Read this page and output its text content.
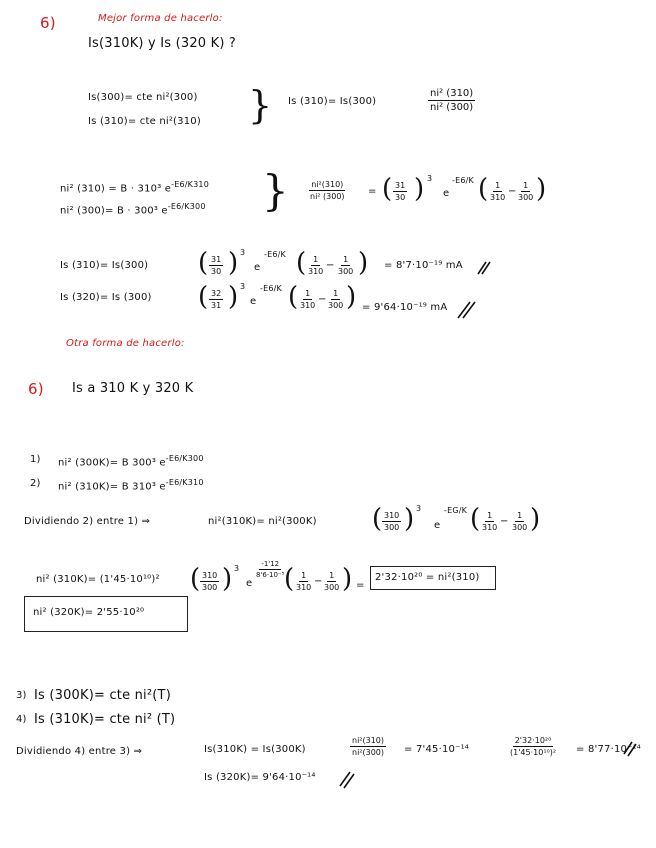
6)	Mejor forma de hacerlo:
Is(310K) y Is (320 K) ?
Is(300)= cte ni²(300)
Is (310)= cte ni²(310) } Is (310)= Is(300)	$\frac{\text{ni² (310)}}{\text{ni² (300)}}$
ni² (310) = B · 310³ $e^{-E6/K310}$
ni² (300)= B · 300³ $e^{-E6/K300}$ } $\frac{\text{ni²(310)}}{\text{ni² (300)}}$ = ( $\frac{31}{30}$ ) 3
e
-E6/K ( $\frac{1}{310} - \frac{1}{300}$ )
Is (310)= Is(300) ( $\frac{31}{30}$ ) 3
e
-E6/K ( $\frac{1}{310} - \frac{1}{300}$ ) = 8'7·10⁻¹⁹ mA
Is (320)= Is (300) ( $\frac{32}{31}$ ) 3
e
-E6/K ( $\frac{1}{310} - \frac{1}{300}$ ) = 9'64·10⁻¹⁹ mA
Otra forma de hacerlo:
6) Is a 310 K y 320 K
1) ni² (300K)= B 300³ $e^{-E6/K300}$
2) ni² (310K)= B 310³ $e^{-E6/K310}$
Dividiendo 2) entre 1) ⇒	ni²(310K)= ni²(300K) ( $\frac{310}{300}$ ) 3
e
-EG/K ( $\frac{1}{310} - \frac{1}{300}$ )
ni² (310K)= (1'45·10¹⁰)² ( $\frac{310}{300}$ ) 3
e
$\frac{-1'12}{\text{8'6·10⁻⁵}}$
( $\frac{1}{310} - \frac{1}{300}$ ) =
2'32·10²⁰ = ni²(310)
ni² (320K)= 2'55·10²⁰
3) Is (300K)= cte ni²(T)
4) Is (310K)= cte ni² (T)
Dividiendo 4) entre 3) ⇒	Is(310K) = Is(300K)	$\frac{\text{ni²(310)}}{\text{ni²(300)}} = 7'45\cdot 10^{-14}$	$\frac{\text{2'32·10²⁰}}{\text{(1'45·10¹⁰)²}} = 8'77\cdot 10^{-14}$
Is (320K)= 9'64·10⁻¹⁴
